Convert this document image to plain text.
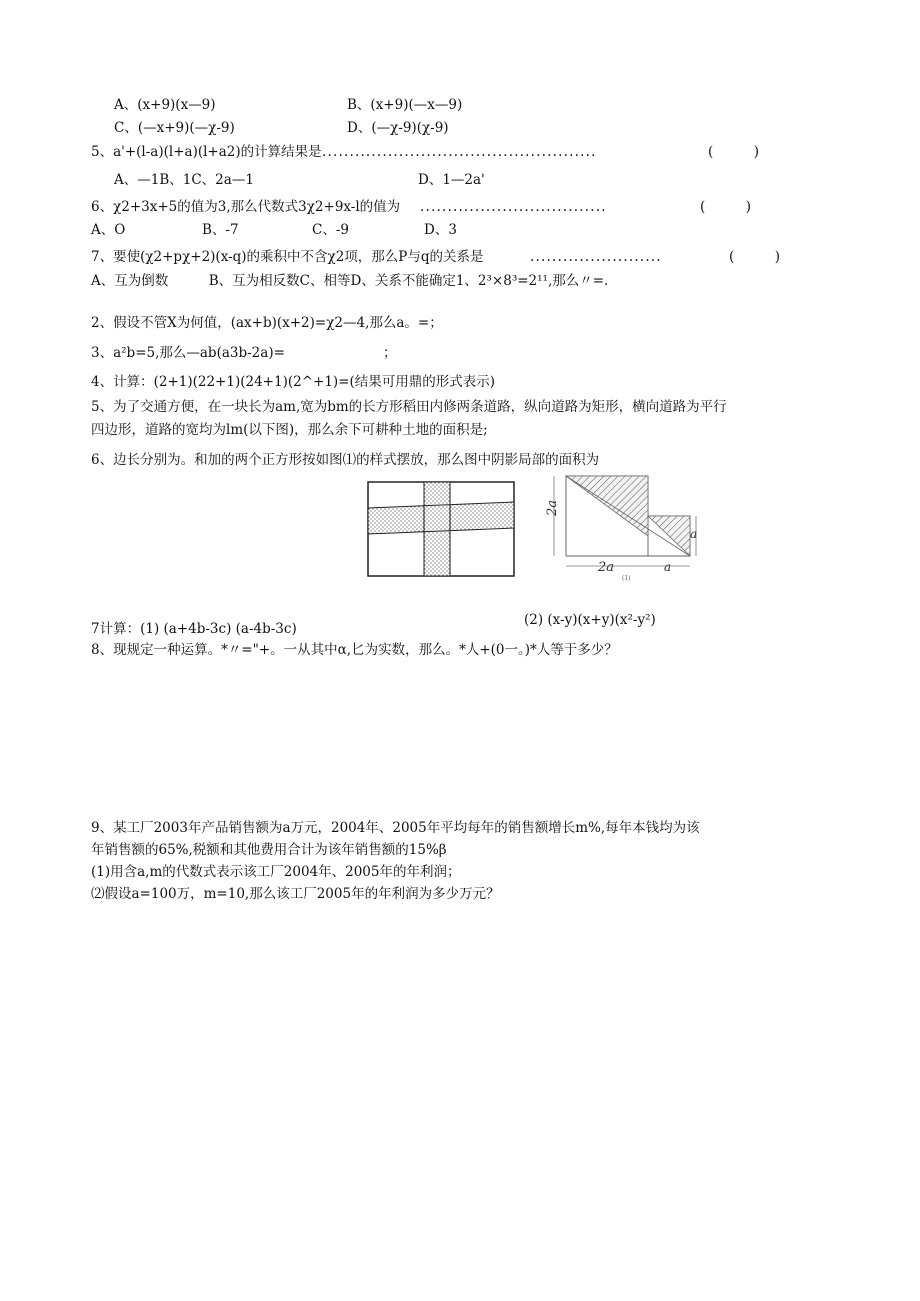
A、(x+9)(x—9)	B、(x+9)(—x—9)
C、(—x+9)(—χ-9)	D、(—χ-9)(χ-9)
5、a'+(l-a)(l+a)(l+a2)的计算结果是 ..................................................	(　　　)
A、—1B、1C、2a—1	D、1—2a'
6、χ2+3x+5的值为3,那么代数式3χ2+9x-l的值为 ..................................	(　　　)
A、O	B、-7	C、-9	D、3
7、要使(χ2+pχ+2)(x-q)的乘积中不含χ2项，那么P与q的关系是	........................	(　　　)
A、互为倒数　　　B、互为相反数C、相等D、关系不能确定1、2³×8³=2¹¹,那么〃=.
2、假设不管X为何值，(ax+b)(x+2)=χ2—4,那么a。=；
3、a²b=5,那么—ab(a3b-2a)=	；
4、计算：(2+1)(22+1)(24+1)(2^+1)=(结果可用鼎的形式表示)
5、为了交通方便，在一块长为am,宽为bm的长方形稻田内修两条道路，纵向道路为矩形，横向道路为平行
四边形，道路的宽均为lm(以下图)，那么余下可耕种土地的面积是;
6、边长分别为。和加的两个正方形按如图⑴的样式摆放，那么图中阴影局部的面积为
2a
a
2a	a
(1)
(2) (x-y)(x+y)(x²-y²)
7计算：(1) (a+4b-3c) (a-4b-3c)
8、现规定一种运算。*〃="+。一从其中α,匕为实数，那么。*人+(0一。)*人等于多少？
9、某工厂2003年产品销售额为a万元，2004年、2005年平均每年的销售额增长m%,每年本钱均为该
年销售额的65%,税额和其他费用合计为该年销售额的15%β
(1)用含a,m的代数式表示该工厂2004年、2005年的年利润；
⑵假设a=100万，m=10,那么该工厂2005年的年利润为多少万元？
